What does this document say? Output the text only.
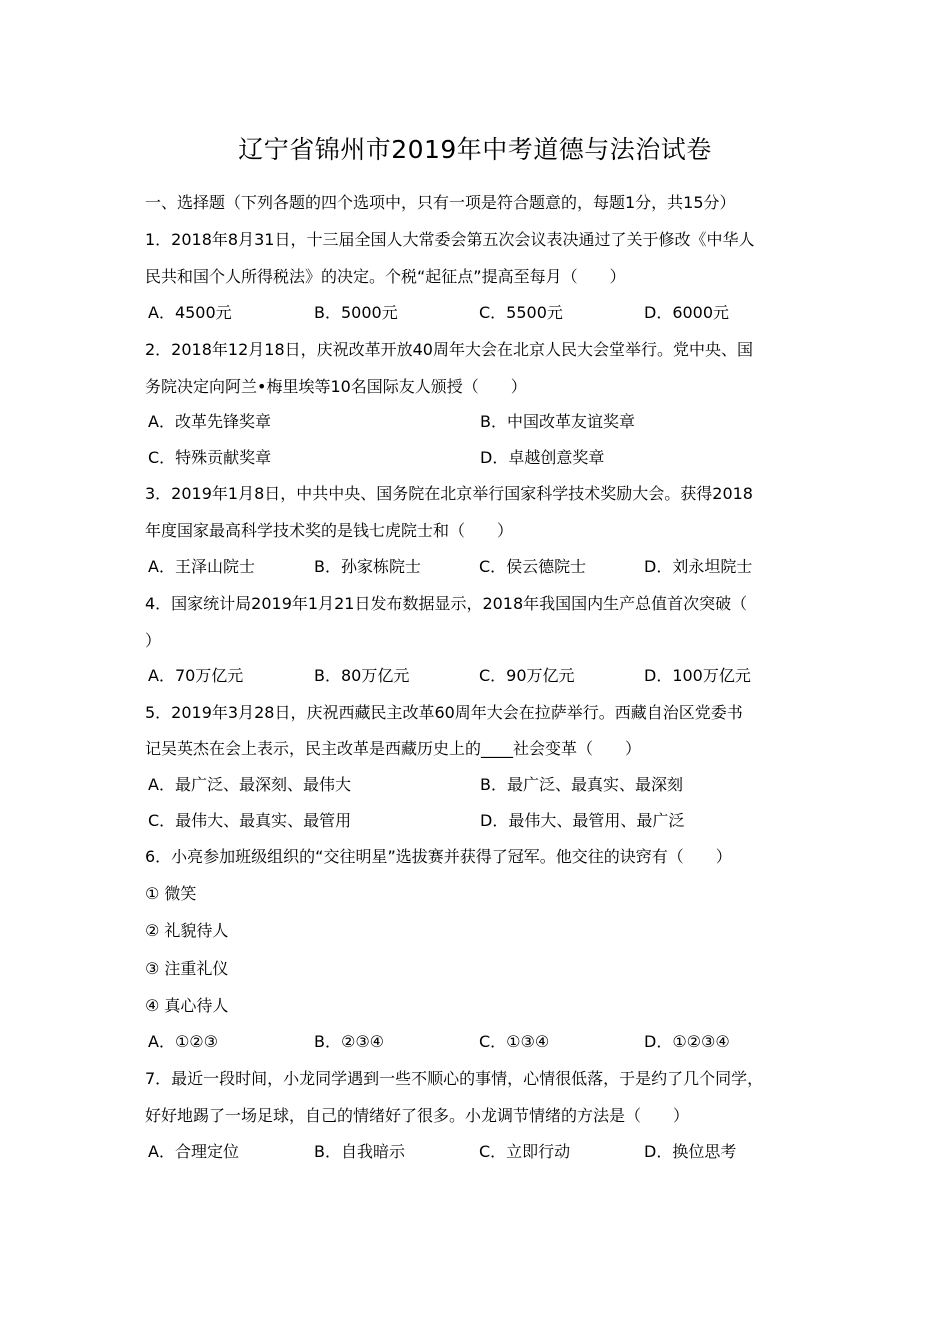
辽宁省锦州市2019年中考道德与法治试卷
一、选择题（下列各题的四个选项中，只有一项是符合题意的，每题1分，共15分）
1．2018年8月31日，十三届全国人大常委会第五次会议表决通过了关于修改《中华人
民共和国个人所得税法》的决定。个税“起征点”提高至每月（　　）
A．4500元	B．5000元	C．5500元	D．6000元
2．2018年12月18日，庆祝改革开放40周年大会在北京人民大会堂举行。党中央、国
务院决定向阿兰•梅里埃等10名国际友人颁授（　　）
A．改革先锋奖章	B．中国改革友谊奖章
C．特殊贡献奖章	D．卓越创意奖章
3．2019年1月8日，中共中央、国务院在北京举行国家科学技术奖励大会。获得2018
年度国家最高科学技术奖的是钱七虎院士和（　　）
A．王泽山院士	B．孙家栋院士	C．侯云德院士	D．刘永坦院士
4．国家统计局2019年1月21日发布数据显示，2018年我国国内生产总值首次突破（
）
A．70万亿元	B．80万亿元	C．90万亿元	D．100万亿元
5．2019年3月28日，庆祝西藏民主改革60周年大会在拉萨举行。西藏自治区党委书
记吴英杰在会上表示，民主改革是西藏历史上的____社会变革（　　）
A．最广泛、最深刻、最伟大	B．最广泛、最真实、最深刻
C．最伟大、最真实、最管用	D．最伟大、最管用、最广泛
6．小亮参加班级组织的“交往明星”选拔赛并获得了冠军。他交往的诀窍有（　　）
① 微笑
② 礼貌待人
③ 注重礼仪
④ 真心待人
A．①②③	B．②③④	C．①③④	D．①②③④
7．最近一段时间，小龙同学遇到一些不顺心的事情，心情很低落，于是约了几个同学，
好好地踢了一场足球，自己的情绪好了很多。小龙调节情绪的方法是（　　）
A．合理定位	B．自我暗示	C．立即行动	D．换位思考
